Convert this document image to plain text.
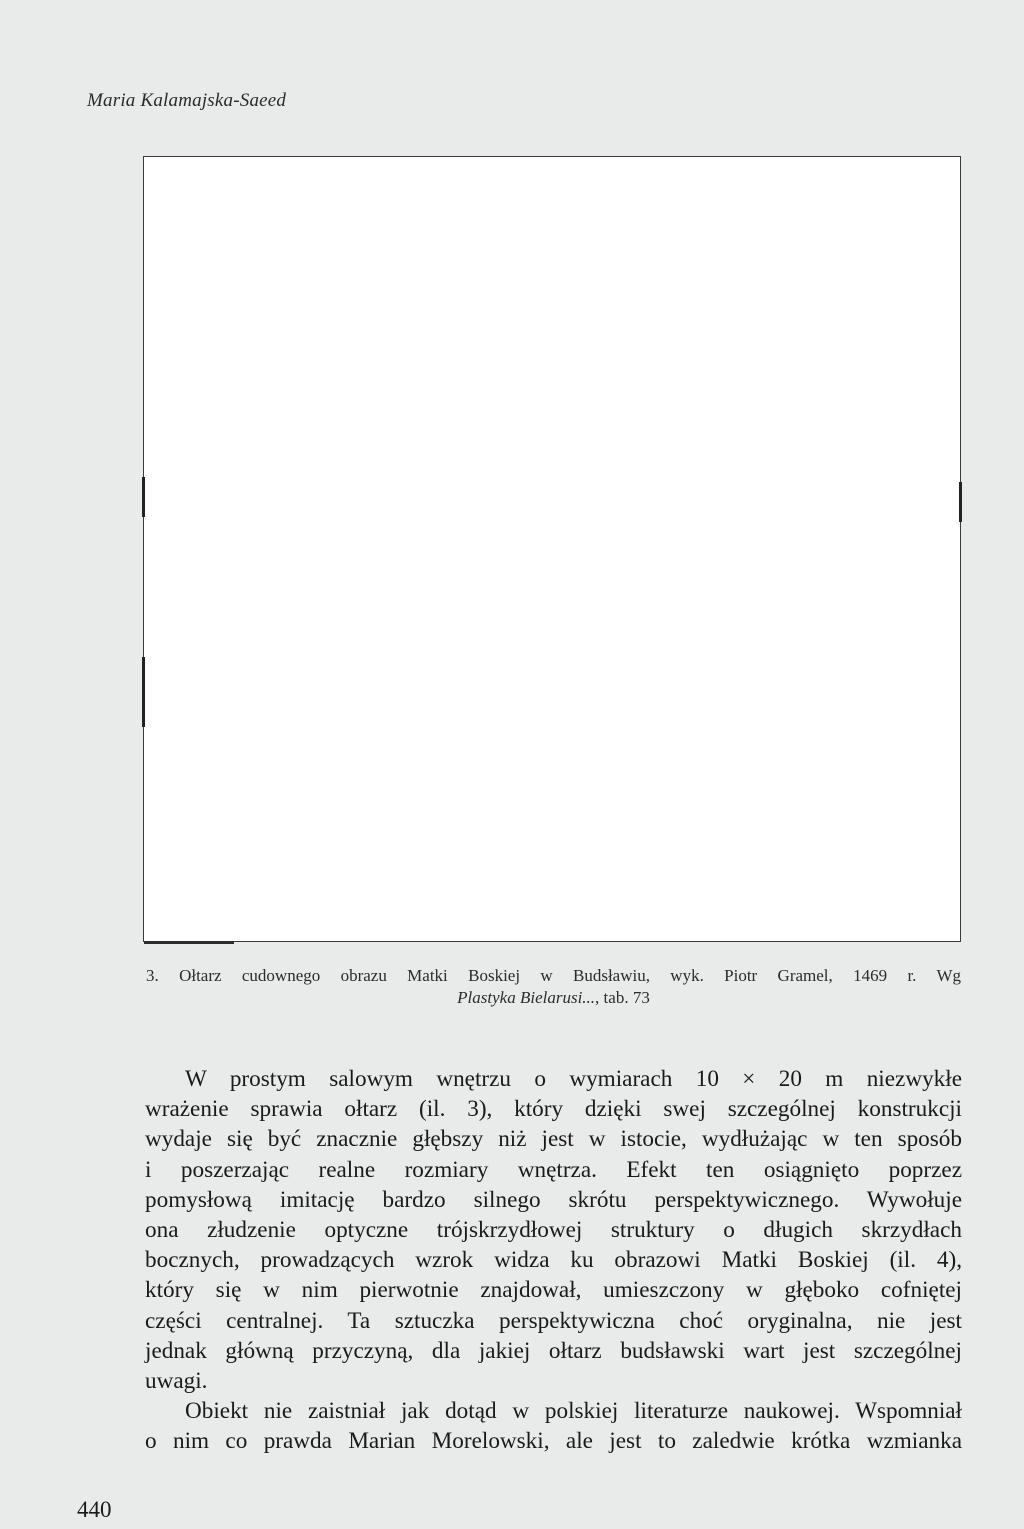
Maria Kalamajska-Saeed
3. Ołtarz cudownego obrazu Matki Boskiej w Budsławiu, wyk. Piotr Gramel, 1469 r. Wg
Plastyka Bielarusi..., tab. 73

W prostym salowym wnętrzu o wymiarach 10 × 20 m niezwykłe
wrażenie sprawia ołtarz (il. 3), który dzięki swej szczególnej konstrukcji
wydaje się być znacznie głębszy niż jest w istocie, wydłużając w ten sposób
i poszerzając realne rozmiary wnętrza. Efekt ten osiągnięto poprzez
pomysłową imitację bardzo silnego skrótu perspektywicznego. Wywołuje
ona złudzenie optyczne trójskrzydłowej struktury o długich skrzydłach
bocznych, prowadzących wzrok widza ku obrazowi Matki Boskiej (il. 4),
który się w nim pierwotnie znajdował, umieszczony w głęboko cofniętej
części centralnej. Ta sztuczka perspektywiczna choć oryginalna, nie jest
jednak główną przyczyną, dla jakiej ołtarz budsławski wart jest szczególnej
uwagi.

Obiekt nie zaistniał jak dotąd w polskiej literaturze naukowej. Wspomniał
o nim co prawda Marian Morelowski, ale jest to zaledwie krótka wzmianka

440
